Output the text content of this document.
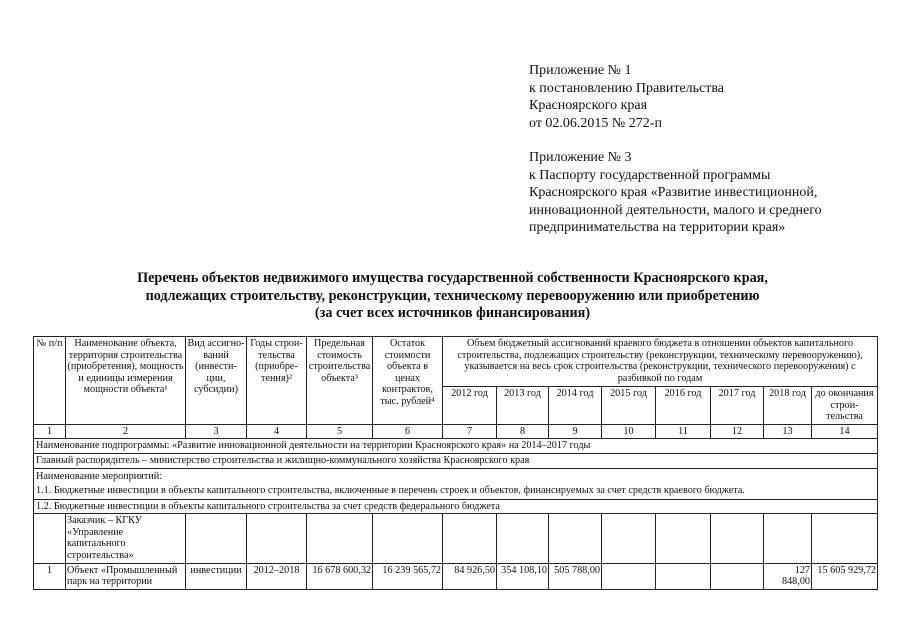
Приложение № 1
к постановлению Правительства
Красноярского края
от 02.06.2015 № 272-п
Приложение № 3
к Паспорту государственной программы
Красноярского края «Развитие инвестиционной,
инновационной деятельности, малого и среднего
предпринимательства на территории края»
Перечень объектов недвижимого имущества государственной собственности Красноярского края,
подлежащих строительству, реконструкции, техническому перевооружению или приобретению
(за счет всех источников финансирования)
№ п/п	Наименование объекта, территория строительства (приобретения), мощность и единицы измерения мощности объекта¹	Вид ассигно-ваний (инвести-ции, субсидии)	Годы строи-тельства (приобре-тения)²	Предельная стоимость строительства объекта³	Остаток стоимости объекта в ценах контрактов, тыс. рублей⁴	Объем бюджетный ассигнований краевого бюджета в отношении объектов капитального строительства, подлежащих строительству (реконструкции, техническому перевооружению), указывается на весь срок строительства (реконструкции, технического перевооружения) с разбивкой по годам							
						2012 год	2013 год	2014 год	2015 год	2016 год	2017 год	2018 год	до окончания строи-тельства
1	2	3	4	5	6	7	8	9	10	11	12	13	14
Наименование подпрограммы: «Развитие инновационной деятельности на территории Красноярского края» на 2014–2017 годы													
Главный распорядитель – министерство строительства и жилищно-коммунального хозяйства Красноярского края													

Наименование мероприятий:
1.1. Бюджетные инвестиции в объекты капитального строительства, включенные в перечень строек и объектов, финансируемых за счет средств краевого бюджета.													

1.2. Бюджетные инвестиции в объекты капитального строительства за счет средств федерального бюджета													
	Заказчик – КГКУ «Управление капитального строительства»												
1	Объект «Промышленный парк на территории	инвестиции	2012–2018	16 678 600,32	16 239 565,72	84 926,50	354 108,10	505 788,00				127 848,00	15 605 929,72
